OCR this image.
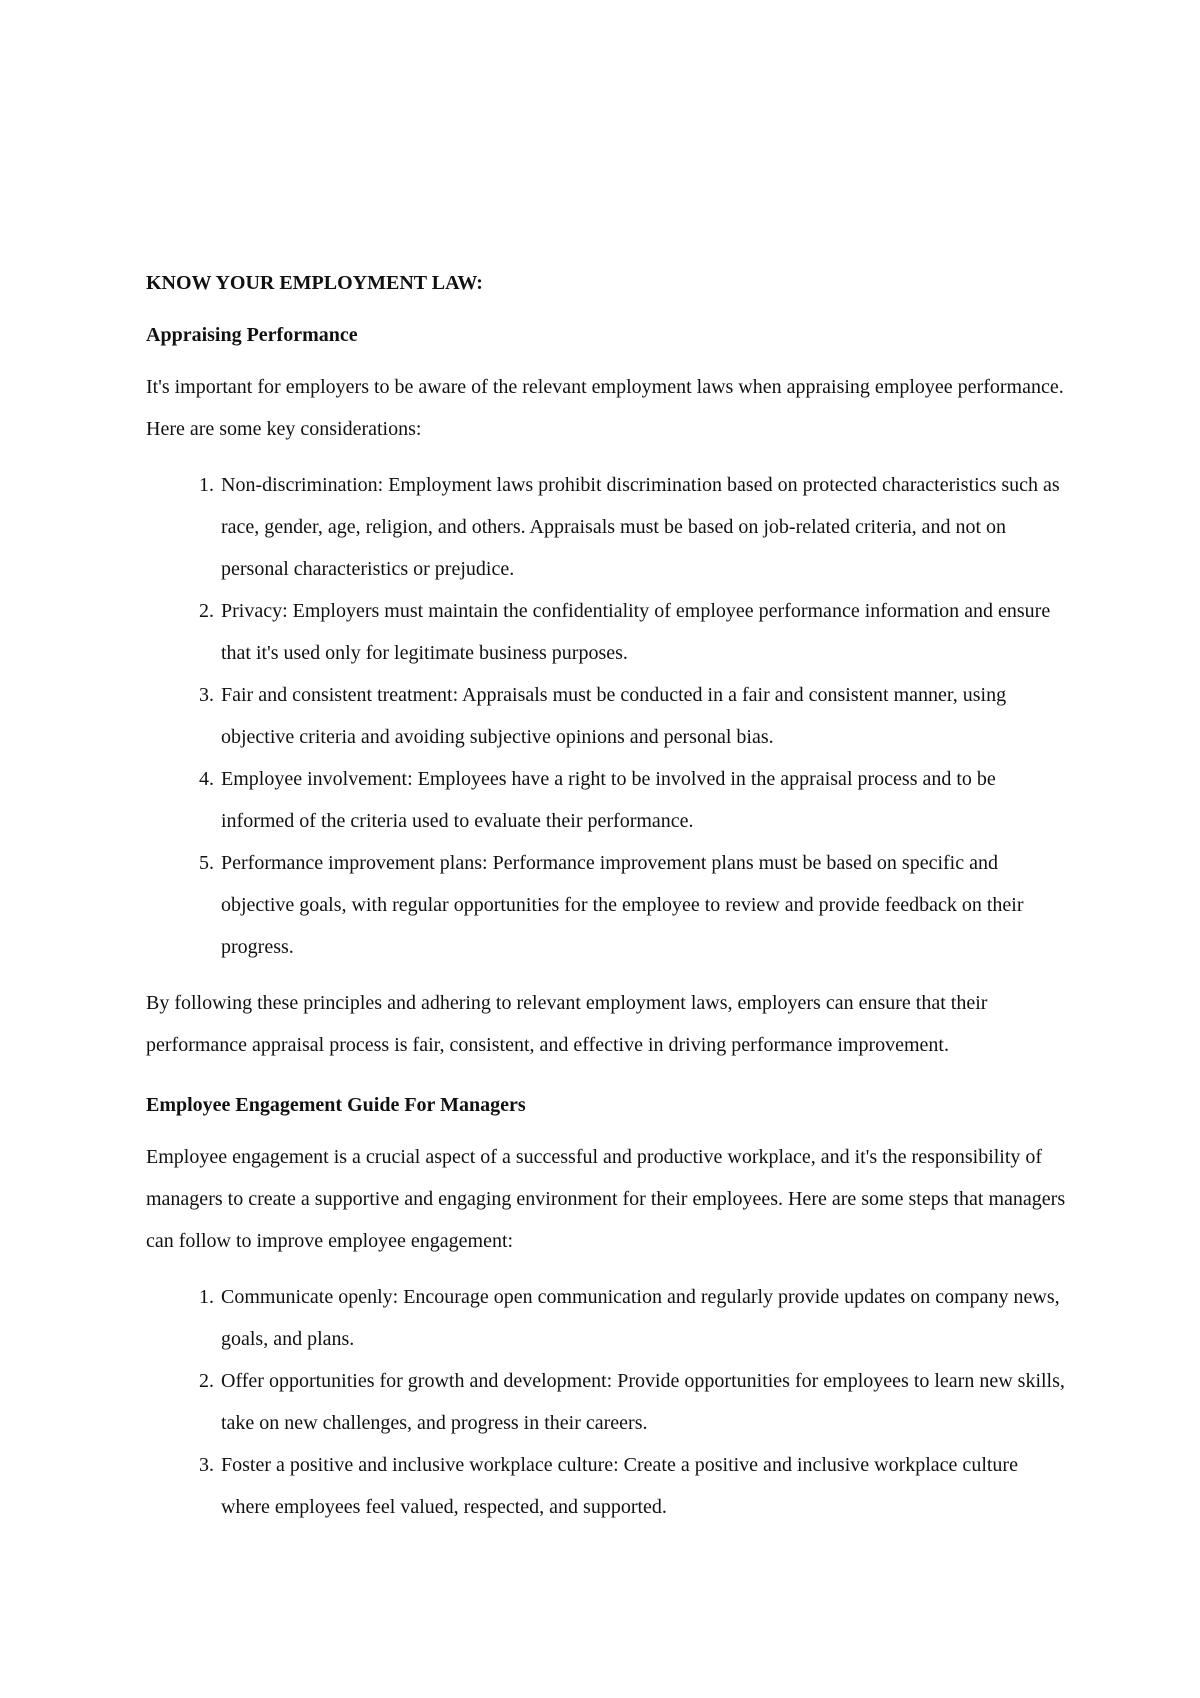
KNOW YOUR EMPLOYMENT LAW:
Appraising Performance

It's important for employers to be aware of the relevant employment laws when appraising employee performance. Here are some key considerations:

1. Non-discrimination: Employment laws prohibit discrimination based on protected characteristics such as race, gender, age, religion, and others. Appraisals must be based on job-related criteria, and not on personal characteristics or prejudice.
2. Privacy: Employers must maintain the confidentiality of employee performance information and ensure that it's used only for legitimate business purposes.
3. Fair and consistent treatment: Appraisals must be conducted in a fair and consistent manner, using objective criteria and avoiding subjective opinions and personal bias.
4. Employee involvement: Employees have a right to be involved in the appraisal process and to be informed of the criteria used to evaluate their performance.
5. Performance improvement plans: Performance improvement plans must be based on specific and objective goals, with regular opportunities for the employee to review and provide feedback on their progress.

By following these principles and adhering to relevant employment laws, employers can ensure that their performance appraisal process is fair, consistent, and effective in driving performance improvement.

Employee Engagement Guide For Managers

Employee engagement is a crucial aspect of a successful and productive workplace, and it's the responsibility of managers to create a supportive and engaging environment for their employees. Here are some steps that managers can follow to improve employee engagement:

1. Communicate openly: Encourage open communication and regularly provide updates on company news, goals, and plans.
2. Offer opportunities for growth and development: Provide opportunities for employees to learn new skills, take on new challenges, and progress in their careers.
3. Foster a positive and inclusive workplace culture: Create a positive and inclusive workplace culture where employees feel valued, respected, and supported.
